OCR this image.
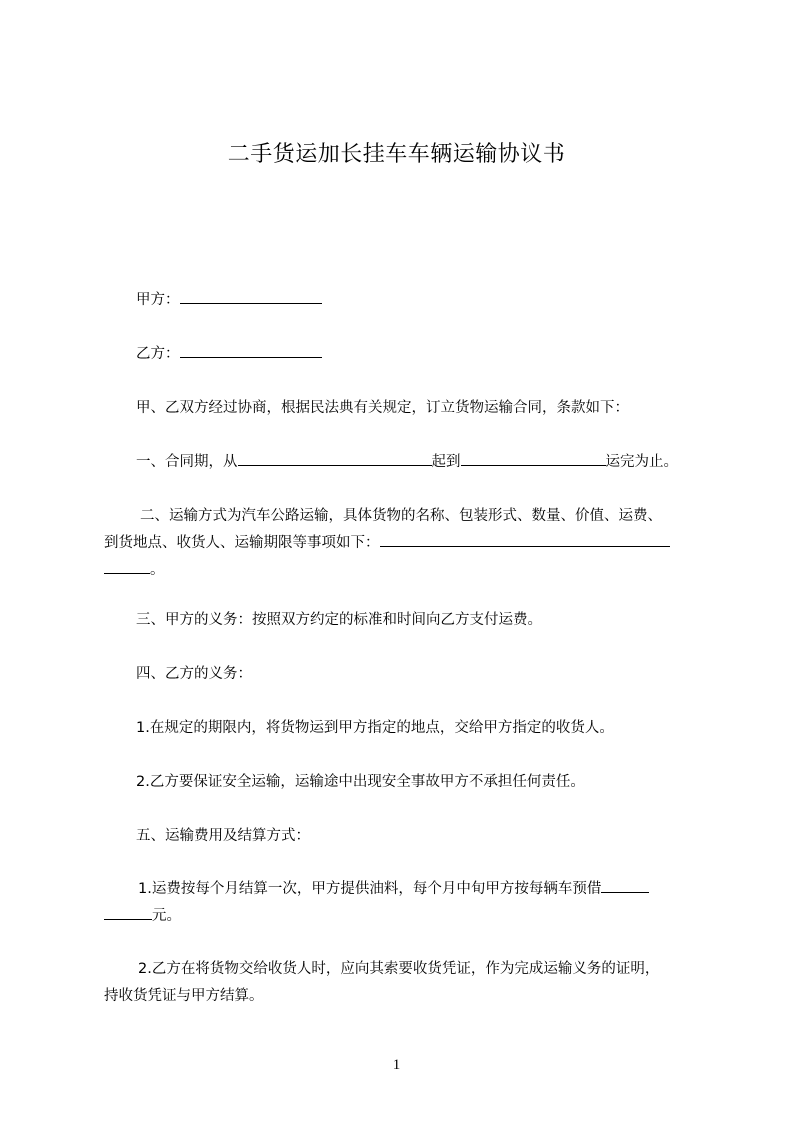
二手货运加长挂车车辆运输协议书
甲方：
乙方：
甲、乙双方经过协商，根据民法典有关规定，订立货物运输合同，条款如下：
一、合同期，从	起到	运完为止。
二、运输方式为汽车公路运输，具体货物的名称、包装形式、数量、价值、运费、
到货地点、收货人、运输期限等事项如下：
。
三、甲方的义务：按照双方约定的标准和时间向乙方支付运费。
四、乙方的义务：
1.在规定的期限内，将货物运到甲方指定的地点，交给甲方指定的收货人。
2.乙方要保证安全运输，运输途中出现安全事故甲方不承担任何责任。
五、运输费用及结算方式：
1.运费按每个月结算一次，甲方提供油料，每个月中旬甲方按每辆车预借
元。
2.乙方在将货物交给收货人时，应向其索要收货凭证，作为完成运输义务的证明，
持收货凭证与甲方结算。
1
